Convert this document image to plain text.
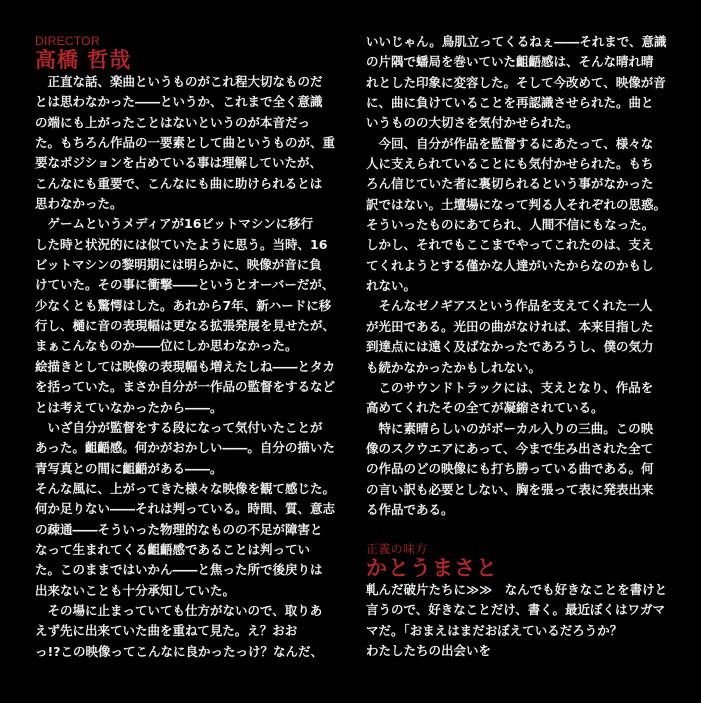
DIRECTOR
高橋 哲哉
　正直な話、楽曲というものがこれ程大切なものだ
とは思わなかった――というか、これまで全く意識
の端にも上がったことはないというのが本音だっ
た。もちろん作品の一要素として曲というものが、重
要なポジションを占めている事は理解していたが、
こんなにも重要で、こんなにも曲に助けられるとは
思わなかった。
　ゲームというメディアが16ビットマシンに移行
した時と状況的には似ていたように思う。当時、16
ビットマシンの黎明期には明らかに、映像が音に負
けていた。その事に衝撃――というとオーバーだが、
少なくとも驚愕はした。あれから7年、新ハードに移
行し、樋に音の表現幅は更なる拡張発展を見せたが、
まぁこんなものか――位にしか思わなかった。
絵描きとしては映像の表現幅も増えたしね――とタカ
を括っていた。まさか自分が一作品の監督をするなど
とは考えていなかったから――。
　いざ自分が監督をする段になって気付いたことが
あった。齟齬感。何かがおかしい――。自分の描いた
青写真との間に齟齬がある――。
そんな風に、上がってきた様々な映像を観て感じた。
何か足りない――それは判っている。時間、質、意志
の疎通――そういった物理的なものの不足が障害と
なって生まれてくる齟齬感であることは判ってい
た。このままではいかん――と焦った所で後戻りは
出来ないことも十分承知していた。
　その場に止まっていても仕方がないので、取りあ
えず先に出来ていた曲を重ねて見た。え？おお
っ!?この映像ってこんなに良かったっけ？なんだ、
いいじゃん。鳥肌立ってくるねぇ――それまで、意識
の片隅で蟠局を巻いていた齟齬感は、そんな晴れ晴
れとした印象に変容した。そして今改めて、映像が音
に、曲に負けていることを再認識させられた。曲と
いうものの大切さを気付かせられた。
　今回、自分が作品を監督するにあたって、様々な
人に支えられていることにも気付かせられた。もち
ろん信じていた者に裏切られるという事がなかった
訳ではない。土壇場になって判る人それぞれの思惑。
そういったものにあてられ、人間不信にもなった。
しかし、それでもここまでやってこれたのは、支え
てくれようとする僅かな人達がいたからなのかもし
れない。
　そんなゼノギアスという作品を支えてくれた一人
が光田である。光田の曲がなければ、本来目指した
到達点には遠く及ばなかったであろうし、僕の気力
も続かなかったかもしれない。
　このサウンドトラックには、支えとなり、作品を
高めてくれたその全てが凝縮されている。
　特に素晴らしいのがボーカル入りの三曲。この映
像のスクウエアにあって、今まで生み出された全て
の作品のどの映像にも打ち勝っている曲である。何
の言い訳も必要としない、胸を張って表に発表出来
る作品である。
正義の味方
かとうまさと
軋んだ破片たちに≫≫　なんでも好きなことを書けと
言うので、好きなことだけ、書く。最近ぼくはワガマ
マだ。「おまえはまだおぼえているだろうか？
わたしたちの出会いを
